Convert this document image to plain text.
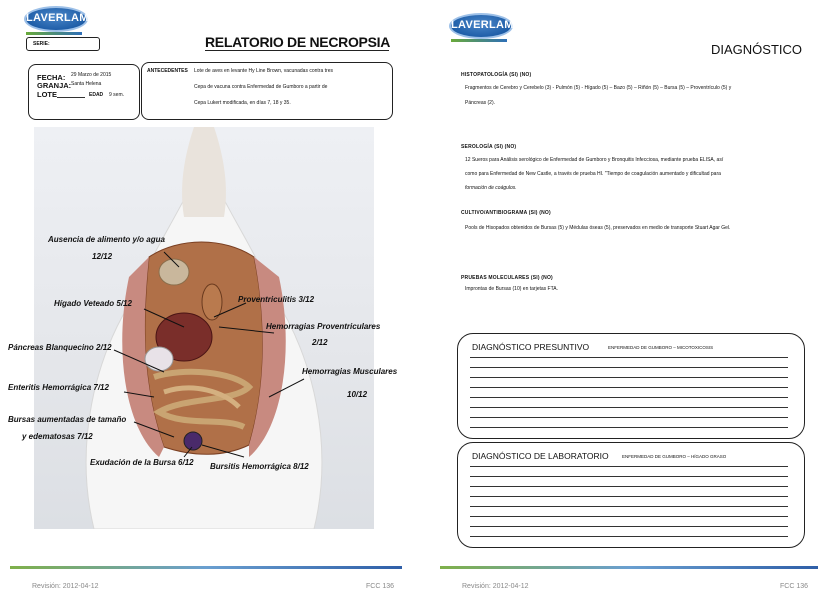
LAVERLAM
SERIE:	RELATORIO DE NECROPSIA
FECHA: 29 Marzo de 2015
GRANJA: Santa Helena
LOTE	EDAD 9 sem.
ANTECEDENTES Lote de aves en levante Hy Line Brown, vacunadas contra tres
Cepa de vacuna contra Enfermedad de Gumboro a partir de
Cepa Lukert modificada, en días 7, 18 y 35.
Ausencia de alimento y/o agua
12/12
Hígado Veteado 5/12	Proventriculitis 3/12
Hemorragias Proventriculares
2/12
Páncreas Blanquecino 2/12
Hemorragias Musculares
10/12
Enteritis Hemorrágica 7/12
Bursas aumentadas de tamaño
y edematosas 7/12
Exudación de la Bursa 6/12 Bursitis Hemorrágica 8/12
Revisión: 2012-04-12	FCC 136
LAVERLAM
DIAGNÓSTICO
HISTOPATOLOGÍA (SI) (NO)
Fragmentos de Cerebro y Cerebelo (3) - Pulmón (5) - Hígado (5) – Bazo (5) – Riñón (5) – Bursa (5) – Proventrículo (5) y
Páncreas (2).
SEROLOGÍA (SI) (NO)
12 Sueros para Análisis serológico de Enfermedad de Gumboro y Bronquitis Infecciosa, mediante prueba ELISA, así
como para Enfermedad de New Castle, a través de prueba HI. "Tiempo de coagulación aumentado y dificultad para
formación de coágulos.
CULTIVO/ANTIBIOGRAMA (SI) (NO)
Pools de Hisopados obtenidos de Bursas (5) y Médulas óseas (5), preservados en medio de transporte Stuart Agar Gel.
PRUEBAS MOLECULARES (SI) (NO)
Improntas de Bursas (10) en tarjetas FTA.
DIAGNÓSTICO PRESUNTIVO	ENFERMEDAD DE GUMBORO – MICOTOXICOSIS
DIAGNÓSTICO DE LABORATORIO	ENFERMEDAD DE GUMBORO – HÍGADO GRASO
Revisión: 2012-04-12	FCC 136
